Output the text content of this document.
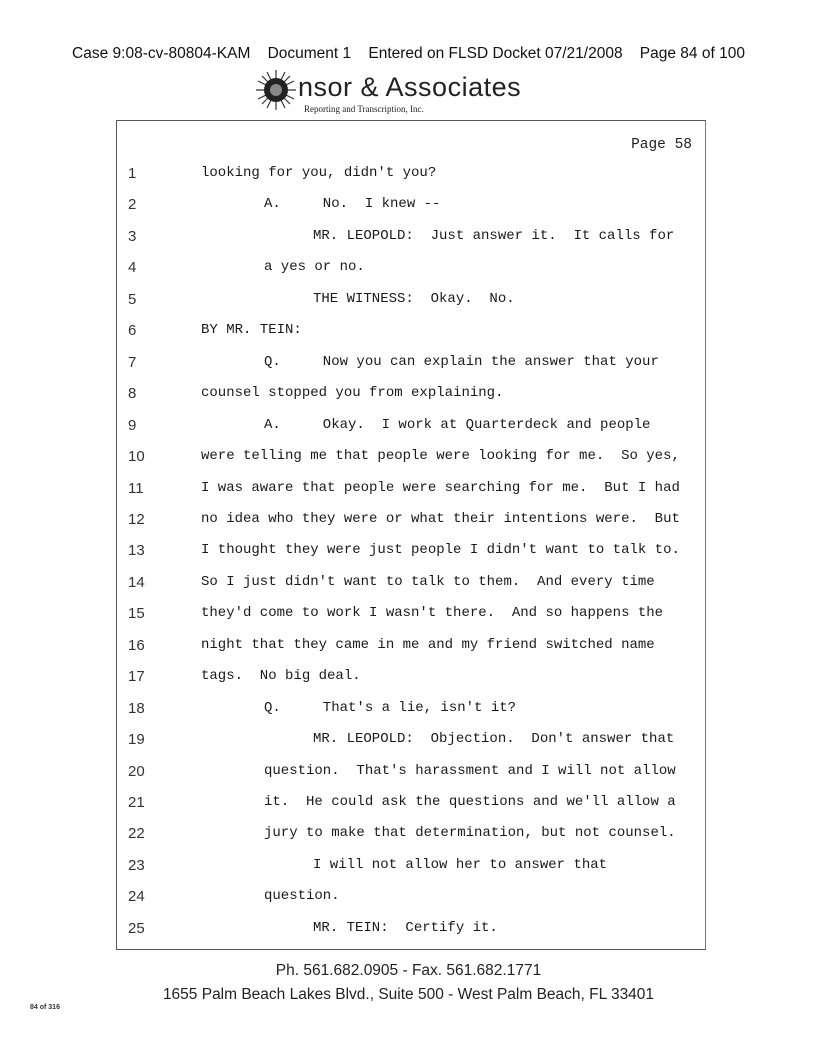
Case 9:08-cv-80804-KAM    Document 1    Entered on FLSD Docket 07/21/2008    Page 84 of 100
nsor & Associates
Reporting and Transcription, Inc.
Page 58
1	looking for you, didn't you?
2	A.     No.  I knew --
3	MR. LEOPOLD:  Just answer it.  It calls for
4	a yes or no.
5	THE WITNESS:  Okay.  No.
6	BY MR. TEIN:
7	Q.     Now you can explain the answer that your
8	counsel stopped you from explaining.
9	A.     Okay.  I work at Quarterdeck and people
10	were telling me that people were looking for me.  So yes,
11	I was aware that people were searching for me.  But I had
12	no idea who they were or what their intentions were.  But
13	I thought they were just people I didn't want to talk to.
14	So I just didn't want to talk to them.  And every time
15	they'd come to work I wasn't there.  And so happens the
16	night that they came in me and my friend switched name
17	tags.  No big deal.
18	Q.     That's a lie, isn't it?
19	MR. LEOPOLD:  Objection.  Don't answer that
20	question.  That's harassment and I will not allow
21	it.  He could ask the questions and we'll allow a
22	jury to make that determination, but not counsel.
23	I will not allow her to answer that
24	question.
25	MR. TEIN:  Certify it.
Ph. 561.682.0905 - Fax. 561.682.1771
1655 Palm Beach Lakes Blvd., Suite 500 - West Palm Beach, FL 33401
84 of 316
